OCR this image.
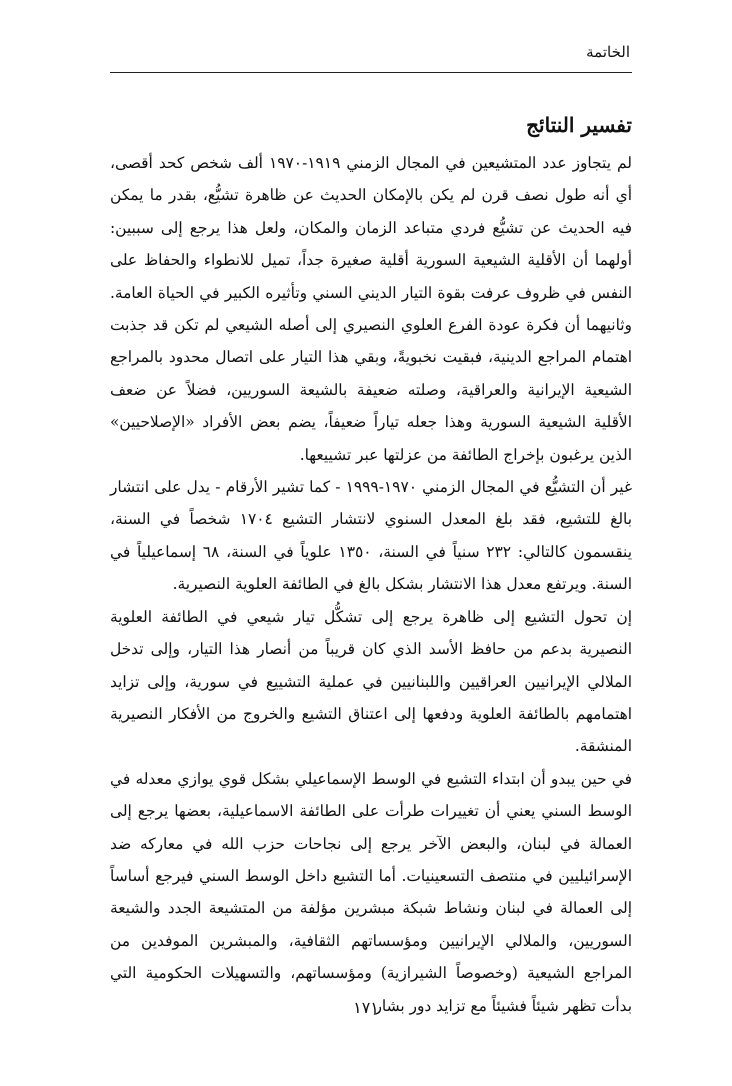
الخاتمة
تفسير النتائج

لم يتجاوز عدد المتشيعين في المجال الزمني ١٩١٩-١٩٧٠ ألف شخص كحد أقصى، أي أنه طول نصف قرن لم يكن بالإمكان الحديث عن ظاهرة تشيُّع، بقدر ما يمكن فيه الحديث عن تشيُّع فردي متباعد الزمان والمكان، ولعل هذا يرجع إلى سببين: أولهما أن الأقلية الشيعية السورية أقلية صغيرة جداً، تميل للانطواء والحفاظ على النفس في ظروف عرفت بقوة التيار الديني السني وتأثيره الكبير في الحياة العامة. وثانيهما أن فكرة عودة الفرع العلوي النصيري إلى أصله الشيعي لم تكن قد جذبت اهتمام المراجع الدينية، فبقيت نخبويةً، وبقي هذا التيار على اتصال محدود بالمراجع الشيعية الإيرانية والعراقية، وصلته ضعيفة بالشيعة السوريين، فضلاً عن ضعف الأقلية الشيعية السورية وهذا جعله تياراً ضعيفاً، يضم بعض الأفراد «الإصلاحيين» الذين يرغبون بإخراج الطائفة من عزلتها عبر تشييعها.

غير أن التشيُّع في المجال الزمني ١٩٧٠-١٩٩٩ - كما تشير الأرقام - يدل على انتشار بالغ للتشيع، فقد بلغ المعدل السنوي لانتشار التشيع ١٧٠٤ شخصاً في السنة، ينقسمون كالتالي: ٢٣٢ سنياً في السنة، ١٣٥٠ علوياً في السنة، ٦٨ إسماعيلياً في السنة. ويرتفع معدل هذا الانتشار بشكل بالغ في الطائفة العلوية النصيرية.

إن تحول التشيع إلى ظاهرة يرجع إلى تشكُّل تيار شيعي في الطائفة العلوية النصيرية بدعم من حافظ الأسد الذي كان قريباً من أنصار هذا التيار، وإلى تدخل الملالي الإيرانيين العراقيين واللبنانيين في عملية التشييع في سورية، وإلى تزايد اهتمامهم بالطائفة العلوية ودفعها إلى اعتناق التشيع والخروج من الأفكار النصيرية المنشقة.

في حين يبدو أن ابتداء التشيع في الوسط الإسماعيلي بشكل قوي يوازي معدله في الوسط السني يعني أن تغييرات طرأت على الطائفة الاسماعيلية، بعضها يرجع إلى العمالة في لبنان، والبعض الآخر يرجع إلى نجاحات حزب الله في معاركه ضد الإسرائيليين في منتصف التسعينيات. أما التشيع داخل الوسط السني فيرجع أساساً إلى العمالة في لبنان ونشاط شبكة مبشرين مؤلفة من المتشيعة الجدد والشيعة السوريين، والملالي الإيرانيين ومؤسساتهم الثقافية، والمبشرين الموفدين من المراجع الشيعية (وخصوصاً الشيرازية) ومؤسساتهم، والتسهيلات الحكومية التي بدأت تظهر شيئاً فشيئاً مع تزايد دور بشار

١٧١
